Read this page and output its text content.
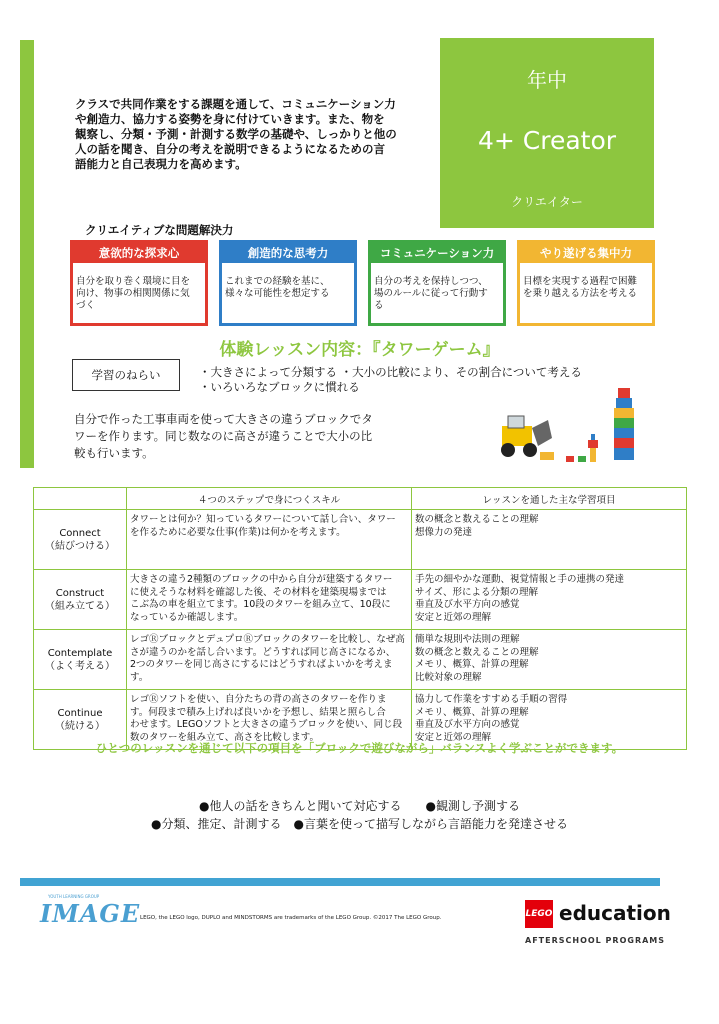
クラスで共同作業をする課題を通して、コミュニケーション力
や創造力、協力する姿勢を身に付けていきます。また、物を
観察し、分類・予測・計測する数学の基礎や、しっかりと他の
人の話を聞き、自分の考えを説明できるようになるための言
語能力と自己表現力を高めます。
年中
4+ Creator
クリエイター
クリエイティブな問題解決力
意欲的な探求心
自分を取り巻く環境に目を
向け、物事の相関関係に気
づく
創造的な思考力
これまでの経験を基に、
様々な可能性を想定する
コミュニケーション力
自分の考えを保持しつつ、
場のルールに従って行動す
る
やり遂げる集中力
目標を実現する過程で困難
を乗り越える方法を考える
体験レッスン内容：『タワーゲーム』
学習のねらい	・大きさによって分類する ・大小の比較により、その割合について考える
・いろいろなブロックに慣れる
自分で作った工事車両を使って大きさの違うブロックでタ
ワーを作ります。同じ数なのに高さが違うことで大小の比
較も行います。
	４つのステップで身につくスキル	レッスンを通した主な学習項目

Connect
（結びつける）	タワーとは何か？知っているタワーについて話し合い、タワー
を作るために必要な仕事(作業)は何かを考えます。	数の概念と数えることの理解
想像力の発達

Construct
（組み立てる）	大きさの違う2種類のブロックの中から自分が建築するタワー
に使えそうな材料を確認した後、その材料を建築現場までは
こぶ為の車を組立てます。10段のタワーを組み立て、10段に
なっているか確認します。	手先の細やかな運動、視覚情報と手の連携の発達
サイズ、形による分類の理解
垂直及び水平方向の感覚
安定と近郊の理解

Contemplate
（よく考える）	レゴⓇブロックとデュプロⓇブロックのタワーを比較し、なぜ高
さが違うのかを話し合います。どうすれば同じ高さになるか、
2つのタワーを同じ高さにするにはどうすればよいかを考えま
す。	簡単な規則や法則の理解
数の概念と数えることの理解
メモリ、概算、計算の理解
比較対象の理解

Continue
（続ける）	レゴⓇソフトを使い、自分たちの背の高さのタワーを作りま
す。何段まで積み上げれば良いかを予想し、結果と照らし合
わせます。LEGOソフトと大きさの違うブロックを使い、同じ段
数のタワーを組み立て、高さを比較します。	協力して作業をすすめる手順の習得
メモリ、概算、計算の理解
垂直及び水平方向の感覚
安定と近郊の理解
ひとつのレッスンを通じて以下の項目を「ブロックで遊びながら」バランスよく学ぶことができます。
●他人の話をきちんと聞いて対応する　　●観測し予測する
●分類、推定、計測する　●言葉を使って描写しながら言語能力を発達させる
YOUTH LEARNING GROUP
IMAGE LEGO, the LEGO logo, DUPLO and MINDSTORMS are trademarks of the LEGO Group. ©2017 The LEGO Group.	LEGO education
AFTERSCHOOL PROGRAMS
